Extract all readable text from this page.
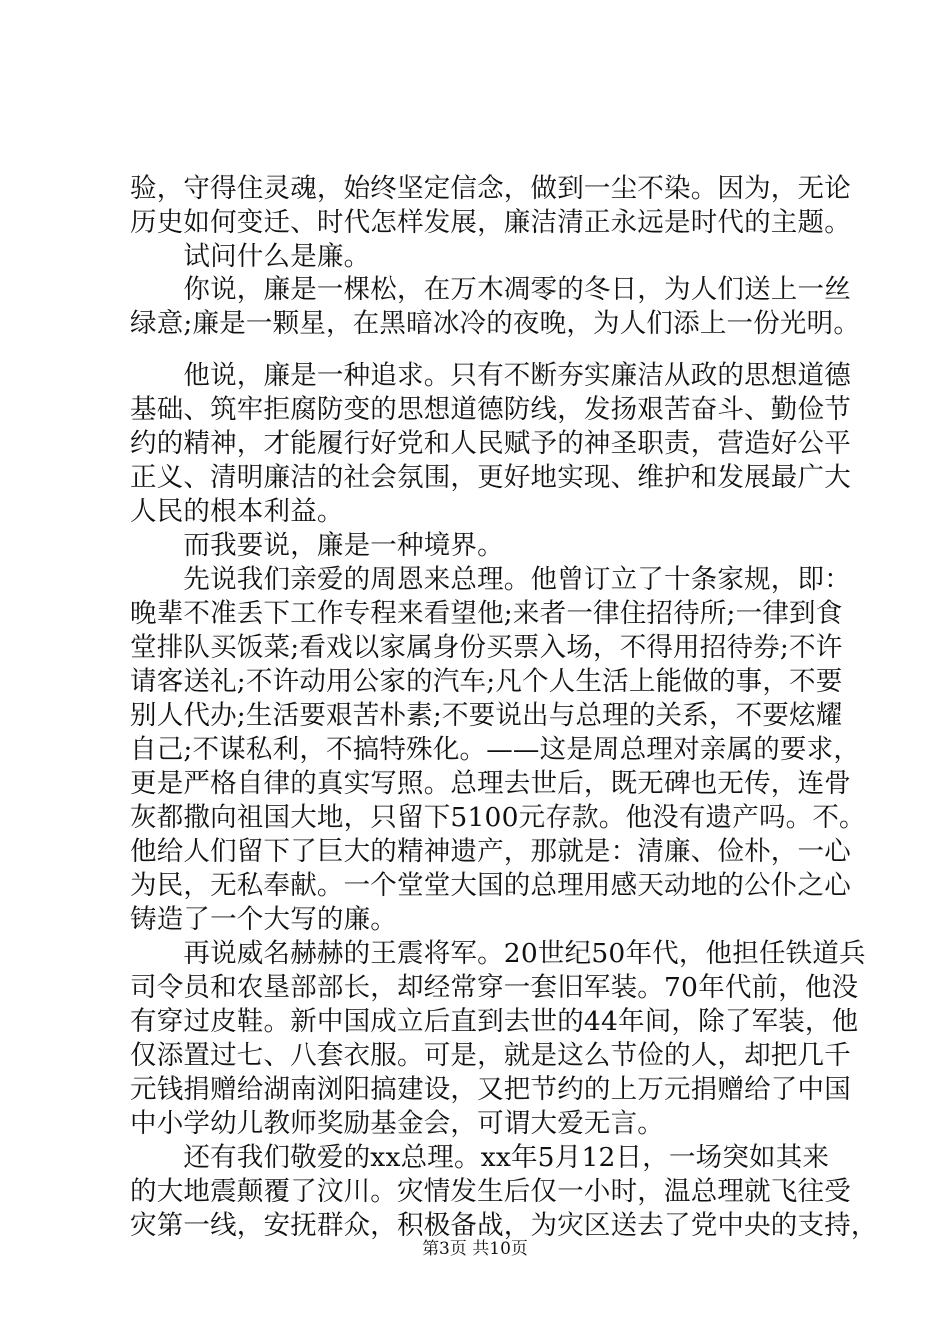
验，守得住灵魂，始终坚定信念，做到一尘不染。因为，无论
历史如何变迁、时代怎样发展，廉洁清正永远是时代的主题。
　　试问什么是廉。
　　你说，廉是一棵松，在万木凋零的冬日，为人们送上一丝
绿意;廉是一颗星，在黑暗冰冷的夜晚，为人们添上一份光明。
　　他说，廉是一种追求。只有不断夯实廉洁从政的思想道德
基础、筑牢拒腐防变的思想道德防线，发扬艰苦奋斗、勤俭节
约的精神，才能履行好党和人民赋予的神圣职责，营造好公平
正义、清明廉洁的社会氛围，更好地实现、维护和发展最广大
人民的根本利益。
　　而我要说，廉是一种境界。
　　先说我们亲爱的周恩来总理。他曾订立了十条家规，即：
晚辈不准丢下工作专程来看望他;来者一律住招待所;一律到食
堂排队买饭菜;看戏以家属身份买票入场，不得用招待券;不许
请客送礼;不许动用公家的汽车;凡个人生活上能做的事，不要
别人代办;生活要艰苦朴素;不要说出与总理的关系，不要炫耀
自己;不谋私利，不搞特殊化。——这是周总理对亲属的要求，
更是严格自律的真实写照。总理去世后，既无碑也无传，连骨
灰都撒向祖国大地，只留下5100元存款。他没有遗产吗。不。
他给人们留下了巨大的精神遗产，那就是：清廉、俭朴，一心
为民，无私奉献。一个堂堂大国的总理用感天动地的公仆之心
铸造了一个大写的廉。
　　再说威名赫赫的王震将军。20世纪50年代，他担任铁道兵
司令员和农垦部部长，却经常穿一套旧军装。70年代前，他没
有穿过皮鞋。新中国成立后直到去世的44年间，除了军装，他
仅添置过七、八套衣服。可是，就是这么节俭的人，却把几千
元钱捐赠给湖南浏阳搞建设，又把节约的上万元捐赠给了中国
中小学幼儿教师奖励基金会，可谓大爱无言。
　　还有我们敬爱的xx总理。xx年5月12日，一场突如其来
的大地震颠覆了汶川。灾情发生后仅一小时，温总理就飞往受
灾第一线，安抚群众，积极备战，为灾区送去了党中央的支持，
第3页 共10页
